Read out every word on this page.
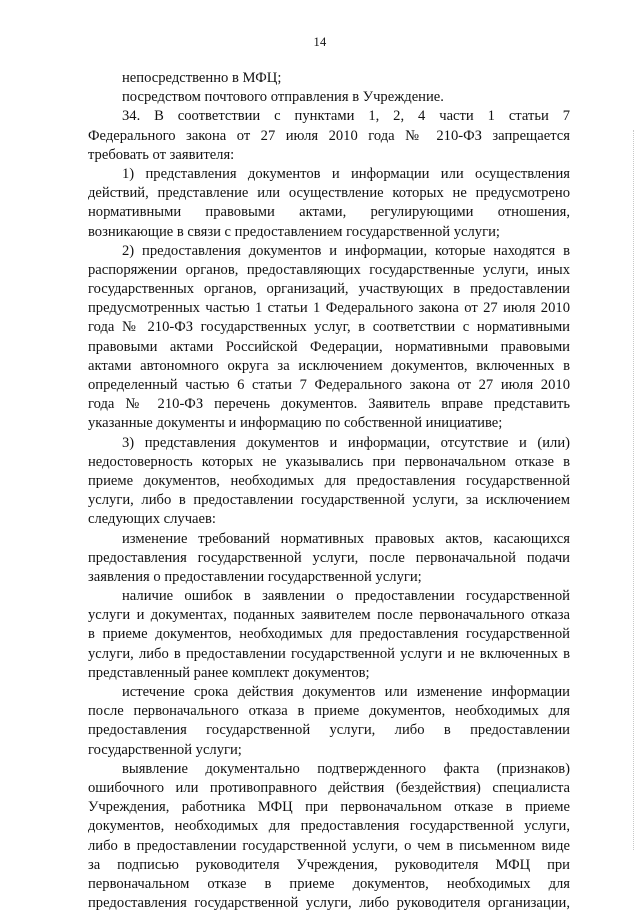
14
непосредственно в МФЦ;
посредством почтового отправления в Учреждение.
34. В соответствии с пунктами 1, 2, 4 части 1 статьи 7
Федерального закона от 27 июля 2010 года № 210-ФЗ запрещается
требовать от заявителя:
1) представления документов и информации или осуществления
действий, представление или осуществление которых не предусмотрено
нормативными правовыми актами, регулирующими отношения,
возникающие в связи с предоставлением государственной услуги;
2) предоставления документов и информации, которые находятся в
распоряжении органов, предоставляющих государственные услуги, иных
государственных органов, организаций, участвующих в предоставлении
предусмотренных частью 1 статьи 1 Федерального закона от 27 июля 2010
года № 210-ФЗ государственных услуг, в соответствии с нормативными
правовыми актами Российской Федерации, нормативными правовыми
актами автономного округа за исключением документов, включенных в
определенный частью 6 статьи 7 Федерального закона от 27 июля 2010
года № 210-ФЗ перечень документов. Заявитель вправе представить
указанные документы и информацию по собственной инициативе;
3) представления документов и информации, отсутствие и (или)
недостоверность которых не указывались при первоначальном отказе в
приеме документов, необходимых для предоставления государственной
услуги, либо в предоставлении государственной услуги, за исключением
следующих случаев:
изменение требований нормативных правовых актов, касающихся
предоставления государственной услуги, после первоначальной подачи
заявления о предоставлении государственной услуги;
наличие ошибок в заявлении о предоставлении государственной
услуги и документах, поданных заявителем после первоначального отказа
в приеме документов, необходимых для предоставления государственной
услуги, либо в предоставлении государственной услуги и не включенных в
представленный ранее комплект документов;
истечение срока действия документов или изменение информации
после первоначального отказа в приеме документов, необходимых для
предоставления государственной услуги, либо в предоставлении
государственной услуги;
выявление документально подтвержденного факта (признаков)
ошибочного или противоправного действия (бездействия) специалиста
Учреждения, работника МФЦ при первоначальном отказе в приеме
документов, необходимых для предоставления государственной услуги,
либо в предоставлении государственной услуги, о чем в письменном виде
за подписью руководителя Учреждения, руководителя МФЦ при
первоначальном отказе в приеме документов, необходимых для
предоставления государственной услуги, либо руководителя организации,
